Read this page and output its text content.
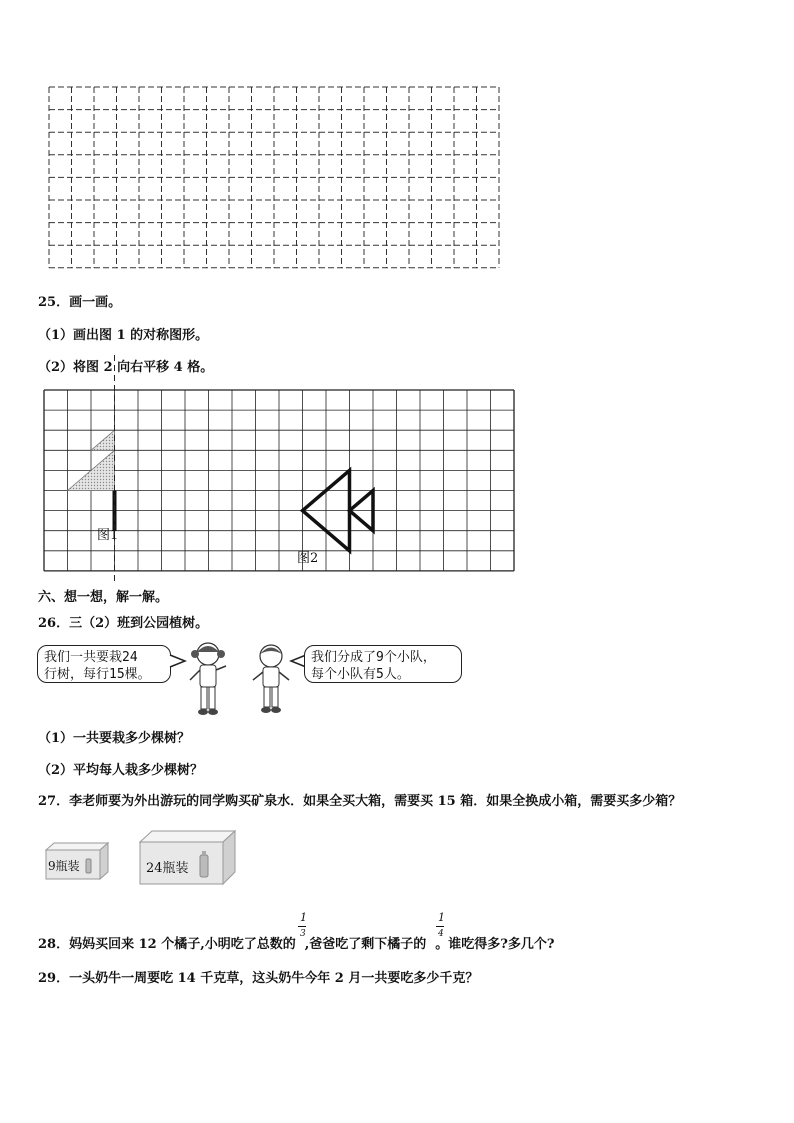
25．画一画。
（1）画出图 1 的对称图形。
（2）将图 2 向右平移 4 格。
图1
图2
六、想一想，解一解。
26．三（2）班到公园植树。
我们一共要栽24
行树，每行15棵。
我们分成了9个小队，
每个小队有5人。
（1）一共要栽多少棵树？
（2）平均每人栽多少棵树？
27．李老师要为外出游玩的同学购买矿泉水．如果全买大箱，需要买 15 箱．如果全换成小箱，需要买多少箱？
9瓶装	24瓶装
28．妈妈买回来 12 个橘子,小明吃了总数的 ,爸爸吃了剩下橘子的 。谁吃得多?多几个?
1
3
1
4
29．一头奶牛一周要吃 14 千克草，这头奶牛今年 2 月一共要吃多少千克？
